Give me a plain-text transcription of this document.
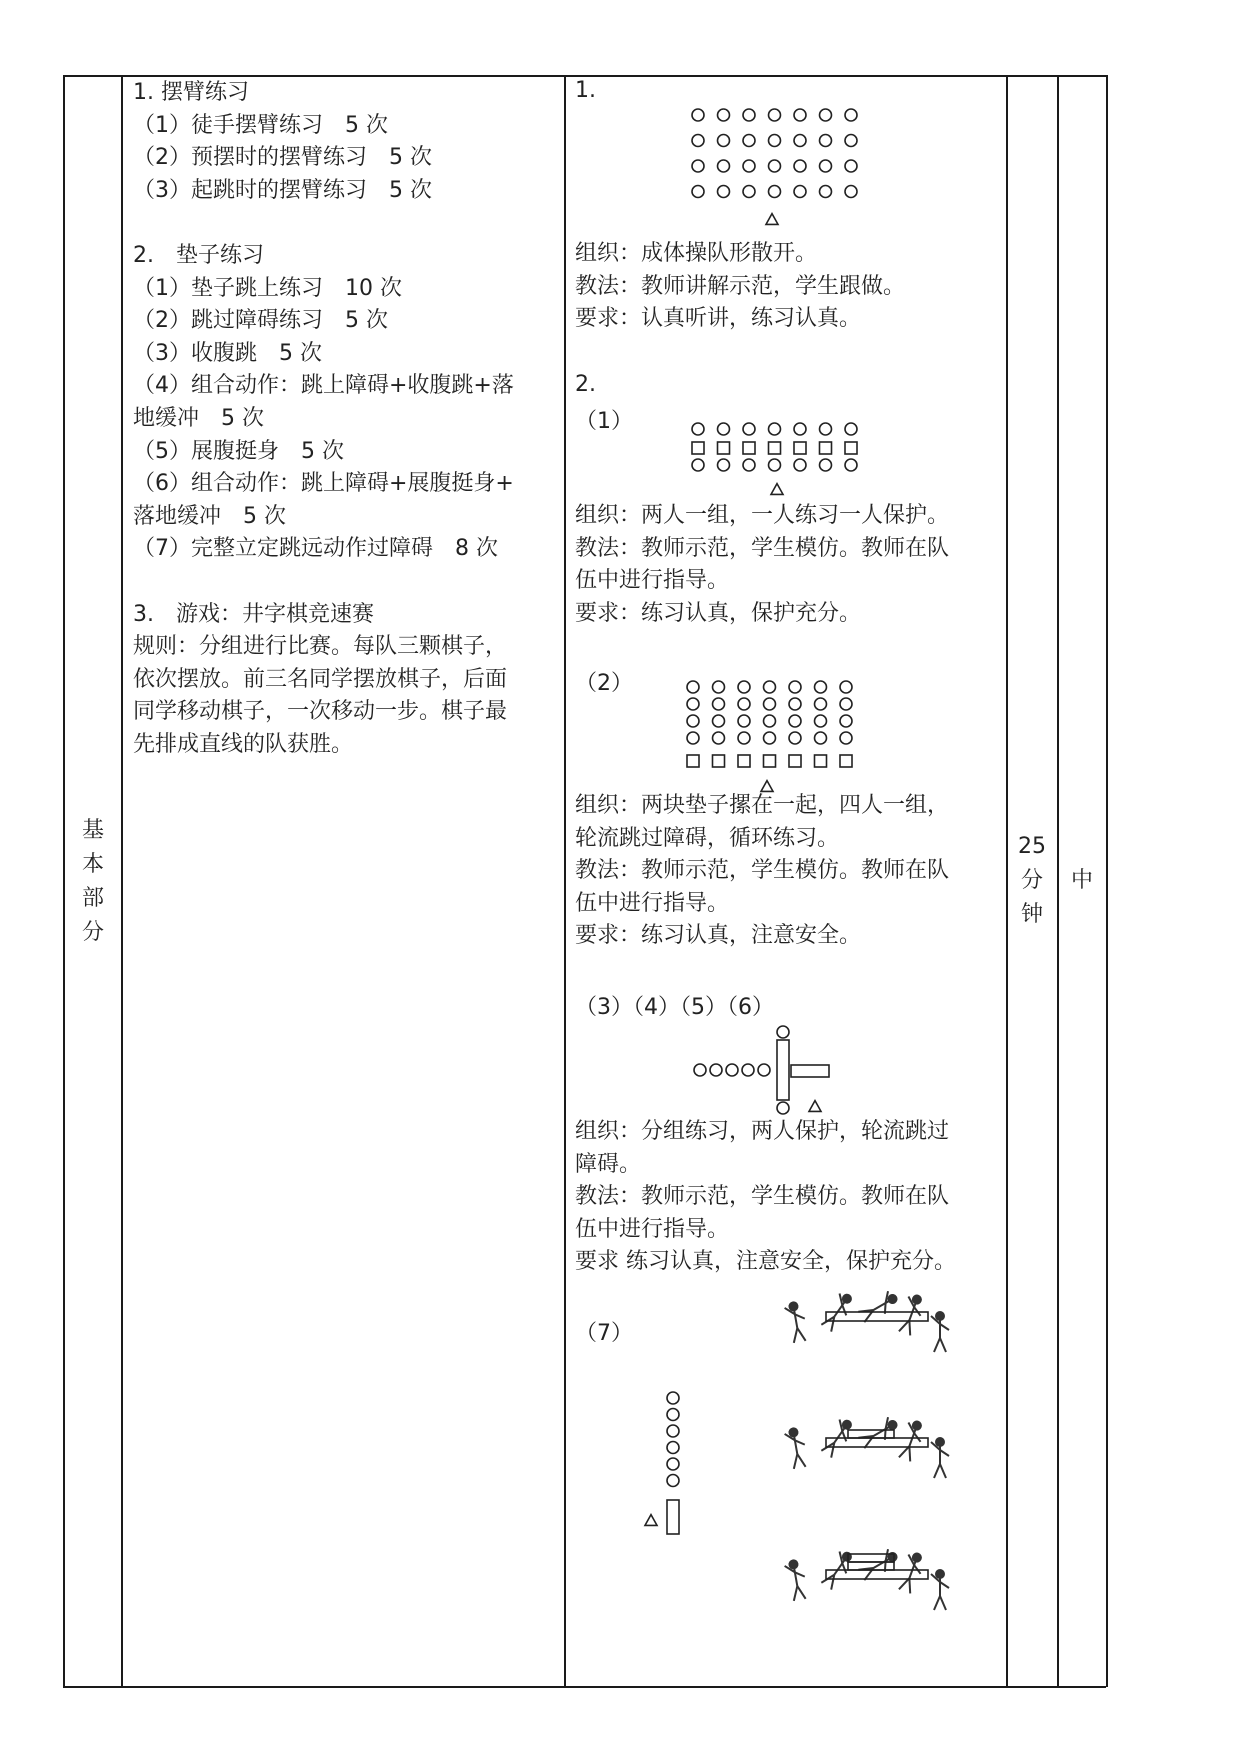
基
本
部
分
1. 摆臂练习
（1）徒手摆臂练习　5 次
（2）预摆时的摆臂练习　5 次
（3）起跳时的摆臂练习　5 次

2.　垫子练习
（1）垫子跳上练习　10 次
（2）跳过障碍练习　5 次
（3）收腹跳　5 次
（4）组合动作：跳上障碍+收腹跳+落
地缓冲　5 次
（5）展腹挺身　5 次
（6）组合动作：跳上障碍+展腹挺身+
落地缓冲　5 次
（7）完整立定跳远动作过障碍　8 次

3.　游戏：井字棋竞速赛
规则：分组进行比赛。每队三颗棋子，
依次摆放。前三名同学摆放棋子，后面
同学移动棋子，一次移动一步。棋子最
先排成直线的队获胜。
1.
组织：成体操队形散开。
教法：教师讲解示范，学生跟做。
要求：认真听讲，练习认真。
2.
（1）
组织：两人一组，一人练习一人保护。
教法：教师示范，学生模仿。教师在队
伍中进行指导。
要求：练习认真，保护充分。
（2）
组织：两块垫子摞在一起，四人一组，
轮流跳过障碍，循环练习。
教法：教师示范，学生模仿。教师在队
伍中进行指导。
要求：练习认真，注意安全。
（3）（4）（5）（6）
组织：分组练习，两人保护，轮流跳过
障碍。
教法：教师示范，学生模仿。教师在队
伍中进行指导。
要求 练习认真，注意安全，保护充分。
（7）
25
分
钟
中
